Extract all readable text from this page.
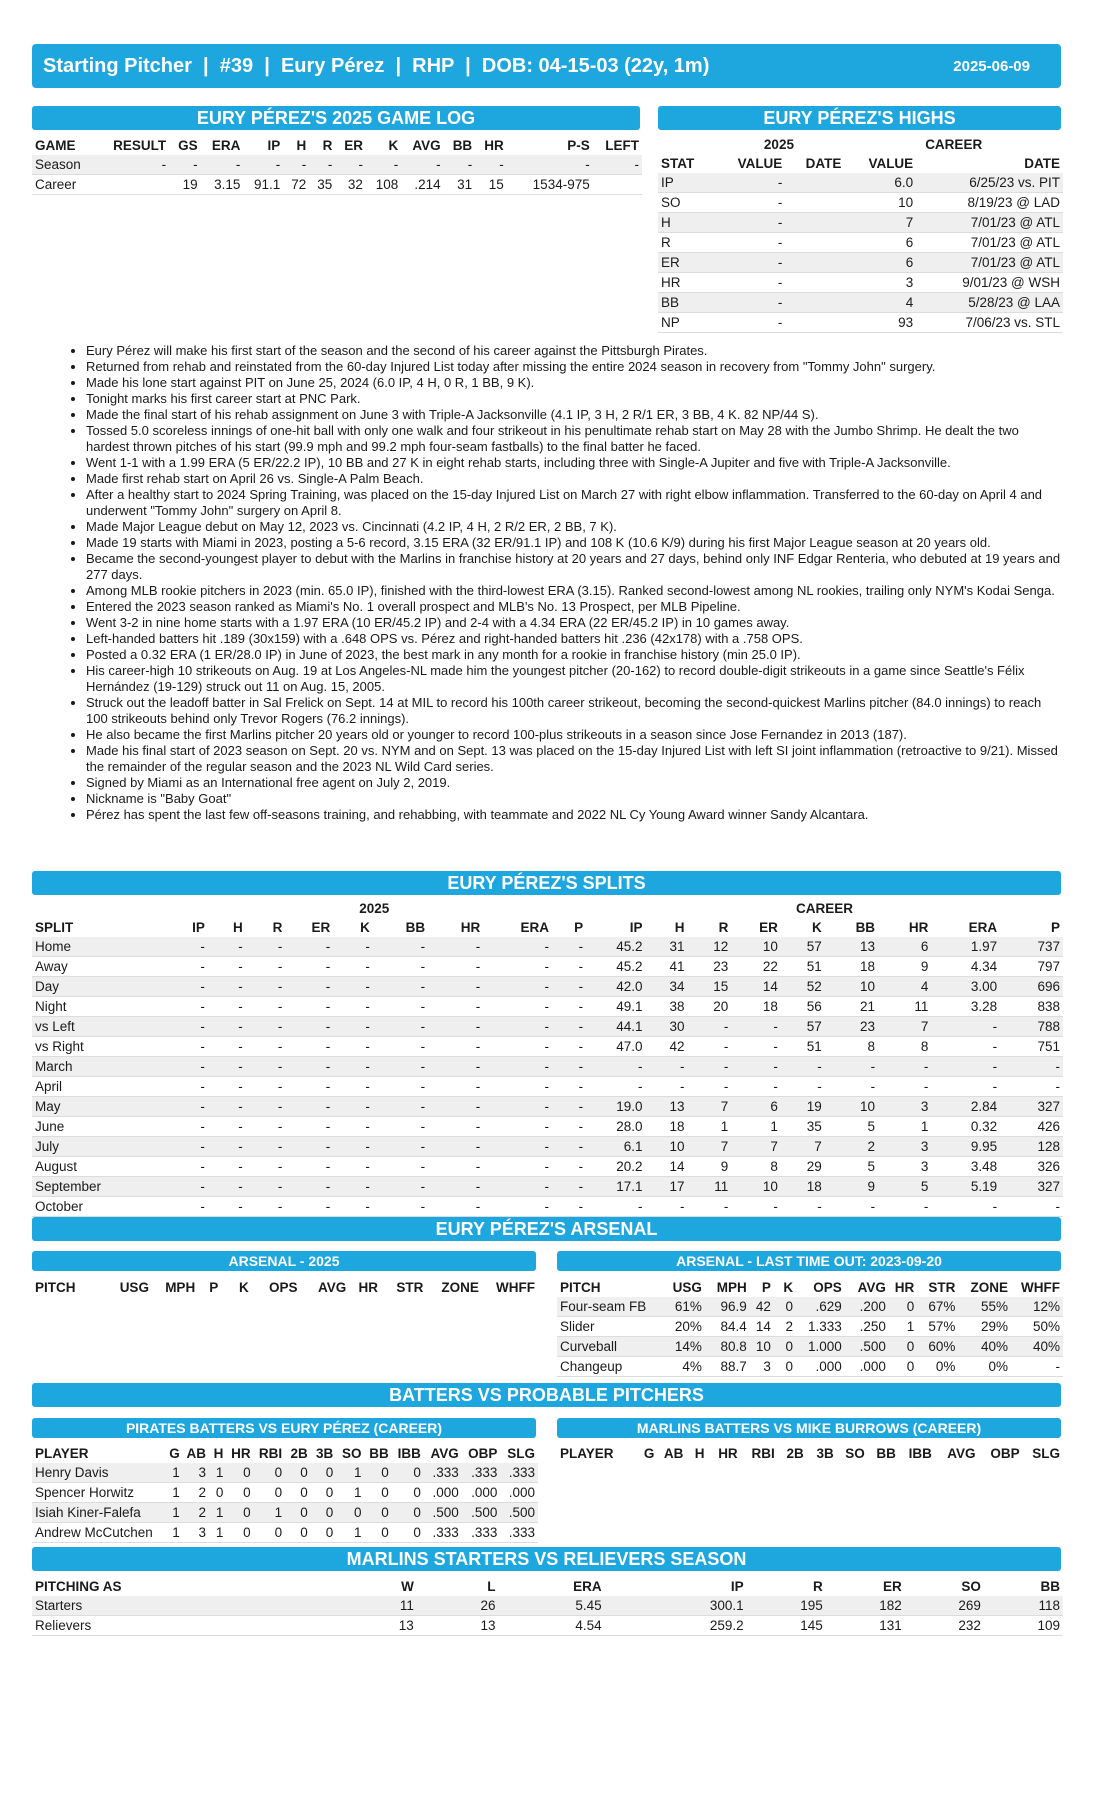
Starting Pitcher  |  #39  |  Eury Pérez  |  RHP  |  DOB: 04-15-03 (22y, 1m)	2025-06-09
EURY PÉREZ'S 2025 GAME LOG
GAME	RESULT	GS	ERA	IP	H	R	ER	K	AVG	BB	HR	P-S	LEFT
Season	-	-	-	-	-	-	-	-	-	-	-	-	-
Career		19	3.15	91.1	72	35	32	108	.214	31	15	1534-975	
EURY PÉREZ'S HIGHS
	2025		CAREER	
STAT	VALUE	DATE	VALUE	DATE
IP	-		6.0	6/25/23 vs. PIT
SO	-		10	8/19/23 @ LAD
H	-		7	7/01/23 @ ATL
R	-		6	7/01/23 @ ATL
ER	-		6	7/01/23 @ ATL
HR	-		3	9/01/23 @ WSH
BB	-		4	5/28/23 @ LAA
NP	-		93	7/06/23 vs. STL
• Eury Pérez will make his first start of the season and the second of his career against the Pittsburgh Pirates.
• Returned from rehab and reinstated from the 60-day Injured List today after missing the entire 2024 season in recovery from "Tommy John" surgery.
• Made his lone start against PIT on June 25, 2024 (6.0 IP, 4 H, 0 R, 1 BB, 9 K).
• Tonight marks his first career start at PNC Park.
• Made the final start of his rehab assignment on June 3 with Triple-A Jacksonville (4.1 IP, 3 H, 2 R/1 ER, 3 BB, 4 K. 82 NP/44 S).
• Tossed 5.0 scoreless innings of one-hit ball with only one walk and four strikeout in his penultimate rehab start on May 28 with the Jumbo Shrimp. He dealt the two hardest thrown pitches of his start (99.9 mph and 99.2 mph four-seam fastballs) to the final batter he faced.
• Went 1-1 with a 1.99 ERA (5 ER/22.2 IP), 10 BB and 27 K in eight rehab starts, including three with Single-A Jupiter and five with Triple-A Jacksonville.
• Made first rehab start on April 26 vs. Single-A Palm Beach.
• After a healthy start to 2024 Spring Training, was placed on the 15-day Injured List on March 27 with right elbow inflammation. Transferred to the 60-day on April 4 and underwent "Tommy John" surgery on April 8.
• Made Major League debut on May 12, 2023 vs. Cincinnati (4.2 IP, 4 H, 2 R/2 ER, 2 BB, 7 K).
• Made 19 starts with Miami in 2023, posting a 5-6 record, 3.15 ERA (32 ER/91.1 IP) and 108 K (10.6 K/9) during his first Major League season at 20 years old.
• Became the second-youngest player to debut with the Marlins in franchise history at 20 years and 27 days, behind only INF Edgar Renteria, who debuted at 19 years and 277 days.
• Among MLB rookie pitchers in 2023 (min. 65.0 IP), finished with the third-lowest ERA (3.15). Ranked second-lowest among NL rookies, trailing only NYM's Kodai Senga.
• Entered the 2023 season ranked as Miami's No. 1 overall prospect and MLB's No. 13 Prospect, per MLB Pipeline.
• Went 3-2 in nine home starts with a 1.97 ERA (10 ER/45.2 IP) and 2-4 with a 4.34 ERA (22 ER/45.2 IP) in 10 games away.
• Left-handed batters hit .189 (30x159) with a .648 OPS vs. Pérez and right-handed batters hit .236 (42x178) with a .758 OPS.
• Posted a 0.32 ERA (1 ER/28.0 IP) in June of 2023, the best mark in any month for a rookie in franchise history (min 25.0 IP).
• His career-high 10 strikeouts on Aug. 19 at Los Angeles-NL made him the youngest pitcher (20-162) to record double-digit strikeouts in a game since Seattle's Félix Hernández (19-129) struck out 11 on Aug. 15, 2005.
• Struck out the leadoff batter in Sal Frelick on Sept. 14 at MIL to record his 100th career strikeout, becoming the second-quickest Marlins pitcher (84.0 innings) to reach 100 strikeouts behind only Trevor Rogers (76.2 innings).
• He also became the first Marlins pitcher 20 years old or younger to record 100-plus strikeouts in a season since Jose Fernandez in 2013 (187).
• Made his final start of 2023 season on Sept. 20 vs. NYM and on Sept. 13 was placed on the 15-day Injured List with left SI joint inflammation (retroactive to 9/21). Missed the remainder of the regular season and the 2023 NL Wild Card series.
• Signed by Miami as an International free agent on July 2, 2019.
• Nickname is "Baby Goat"
• Pérez has spent the last few off-seasons training, and rehabbing, with teammate and 2022 NL Cy Young Award winner Sandy Alcantara.
EURY PÉREZ'S SPLITS
	2025									CAREER								
SPLIT	IP	H	R	ER	K	BB	HR	ERA	P	IP	H	R	ER	K	BB	HR	ERA	P
Home	-	-	-	-	-	-	-	-	-	45.2	31	12	10	57	13	6	1.97	737
Away	-	-	-	-	-	-	-	-	-	45.2	41	23	22	51	18	9	4.34	797
Day	-	-	-	-	-	-	-	-	-	42.0	34	15	14	52	10	4	3.00	696
Night	-	-	-	-	-	-	-	-	-	49.1	38	20	18	56	21	11	3.28	838
vs Left	-	-	-	-	-	-	-	-	-	44.1	30	-	-	57	23	7	-	788
vs Right	-	-	-	-	-	-	-	-	-	47.0	42	-	-	51	8	8	-	751
March	-	-	-	-	-	-	-	-	-	-	-	-	-	-	-	-	-	-
April	-	-	-	-	-	-	-	-	-	-	-	-	-	-	-	-	-	-
May	-	-	-	-	-	-	-	-	-	19.0	13	7	6	19	10	3	2.84	327
June	-	-	-	-	-	-	-	-	-	28.0	18	1	1	35	5	1	0.32	426
July	-	-	-	-	-	-	-	-	-	6.1	10	7	7	7	2	3	9.95	128
August	-	-	-	-	-	-	-	-	-	20.2	14	9	8	29	5	3	3.48	326
September	-	-	-	-	-	-	-	-	-	17.1	17	11	10	18	9	5	5.19	327
October	-	-	-	-	-	-	-	-	-	-	-	-	-	-	-	-	-	-
EURY PÉREZ'S ARSENAL
ARSENAL - 2025
PITCH	USG	MPH	P	K	OPS	AVG	HR	STR	ZONE	WHFF
ARSENAL - LAST TIME OUT: 2023-09-20
PITCH	USG	MPH	P	K	OPS	AVG	HR	STR	ZONE	WHFF
Four-seam FB	61%	96.9	42	0	.629	.200	0	67%	55%	12%
Slider	20%	84.4	14	2	1.333	.250	1	57%	29%	50%
Curveball	14%	80.8	10	0	1.000	.500	0	60%	40%	40%
Changeup	4%	88.7	3	0	.000	.000	0	0%	0%	-
BATTERS VS PROBABLE PITCHERS
PIRATES BATTERS VS EURY PÉREZ (CAREER)
PLAYER	G	AB	H	HR	RBI	2B	3B	SO	BB	IBB	AVG	OBP	SLG
Henry Davis	1	3	1	0	0	0	0	1	0	0	.333	.333	.333
Spencer Horwitz	1	2	0	0	0	0	0	1	0	0	.000	.000	.000
Isiah Kiner-Falefa	1	2	1	0	1	0	0	0	0	0	.500	.500	.500
Andrew McCutchen	1	3	1	0	0	0	0	1	0	0	.333	.333	.333
MARLINS BATTERS VS MIKE BURROWS (CAREER)
PLAYER	G	AB	H	HR	RBI	2B	3B	SO	BB	IBB	AVG	OBP	SLG
MARLINS STARTERS VS RELIEVERS SEASON
PITCHING AS	W	L	ERA	IP	R	ER	SO	BB
Starters	11	26	5.45	300.1	195	182	269	118
Relievers	13	13	4.54	259.2	145	131	232	109
